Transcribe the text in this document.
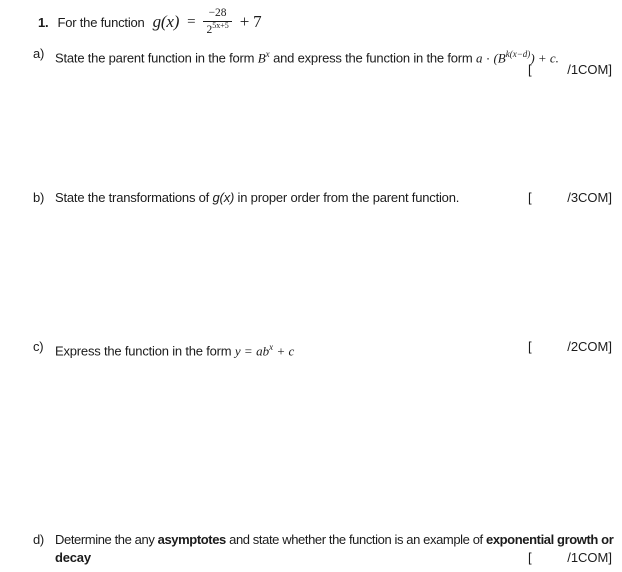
1. For the function $g(x) = \frac{-28}{2^{5x+5}} + 7$
a) State the parent function in the form $B^x$ and express the function in the form $a \cdot (B^{k(x-d)}) + c$.
[	/1COM]
b) State the transformations of g(x) in proper order from the parent function.	[	/3COM]
c) Express the function in the form $y = ab^x + c$	[	/2COM]
d) Determine the any asymptotes and state whether the function is an example of exponential growth or
decay	[	/1COM]
